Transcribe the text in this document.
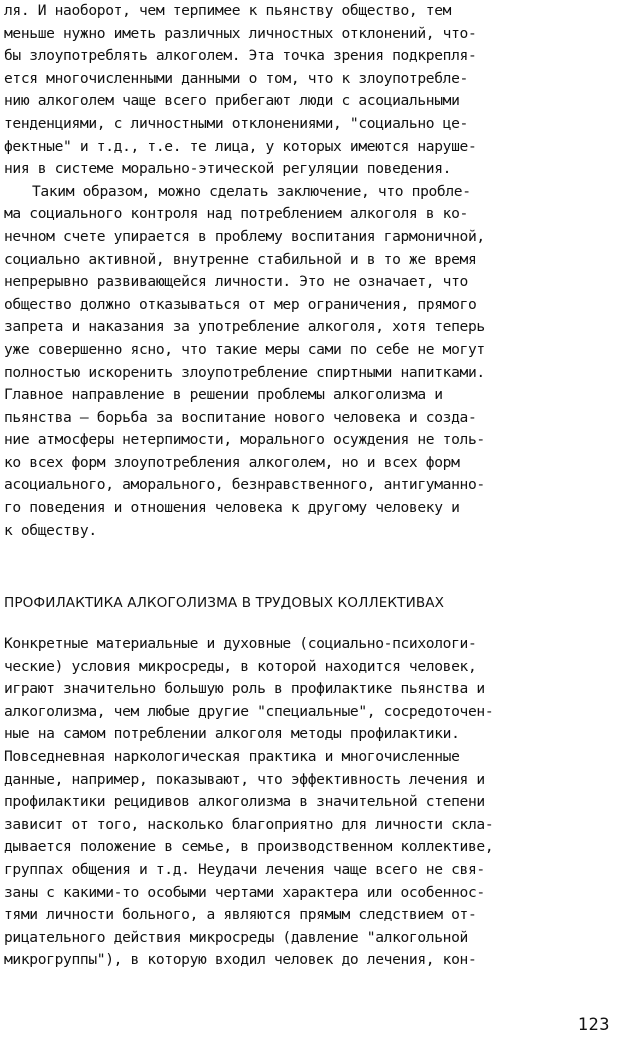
ля. И наоборот, чем терпимее к пьянству общество, тем
меньше нужно иметь различных личностных отклонений, что-
бы злоупотреблять алкоголем. Эта точка зрения подкрепля-
ется многочисленными данными о том, что к злоупотребле-
нию алкоголем чаще всего прибегают люди с асоциальными
тенденциями, с личностными отклонениями, "социально це-
фектные" и т.д., т.е. те лица, у которых имеются наруше-
ния в системе морально-этической регуляции поведения.
Таким образом, можно сделать заключение, что пробле-
ма социального контроля над потреблением алкоголя в ко-
нечном счете упирается в проблему воспитания гармоничной,
социально активной, внутренне стабильной и в то же время
непрерывно развивающейся личности. Это не означает, что
общество должно отказываться от мер ограничения, прямого
запрета и наказания за употребление алкоголя, хотя теперь
уже совершенно ясно, что такие меры сами по себе не могут
полностью искоренить злоупотребление спиртными напитками.
Главное направление в решении проблемы алкоголизма и
пьянства – борьба за воспитание нового человека и созда-
ние атмосферы нетерпимости, морального осуждения не толь-
ко всех форм злоупотребления алкоголем, но и всех форм
асоциального, аморального, безнравственного, антигуманно-
го поведения и отношения человека к другому человеку и
к обществу.
ПРОФИЛАКТИКА АЛКОГОЛИЗМА В ТРУДОВЫХ КОЛЛЕКТИВАХ
Конкретные материальные и духовные (социально-психологи-
ческие) условия микросреды, в которой находится человек,
играют значительно большую роль в профилактике пьянства и
алкоголизма, чем любые другие "специальные", сосредоточен-
ные на самом потреблении алкоголя методы профилактики.
Повседневная наркологическая практика и многочисленные
данные, например, показывают, что эффективность лечения и
профилактики рецидивов алкоголизма в значительной степени
зависит от того, насколько благоприятно для личности скла-
дывается положение в семье, в производственном коллективе,
группах общения и т.д. Неудачи лечения чаще всего не свя-
заны с какими-то особыми чертами характера или особеннос-
тями личности больного, а являются прямым следствием от-
рицательного действия микросреды (давление "алкогольной
микрогруппы"), в которую входил человек до лечения, кон-
123
